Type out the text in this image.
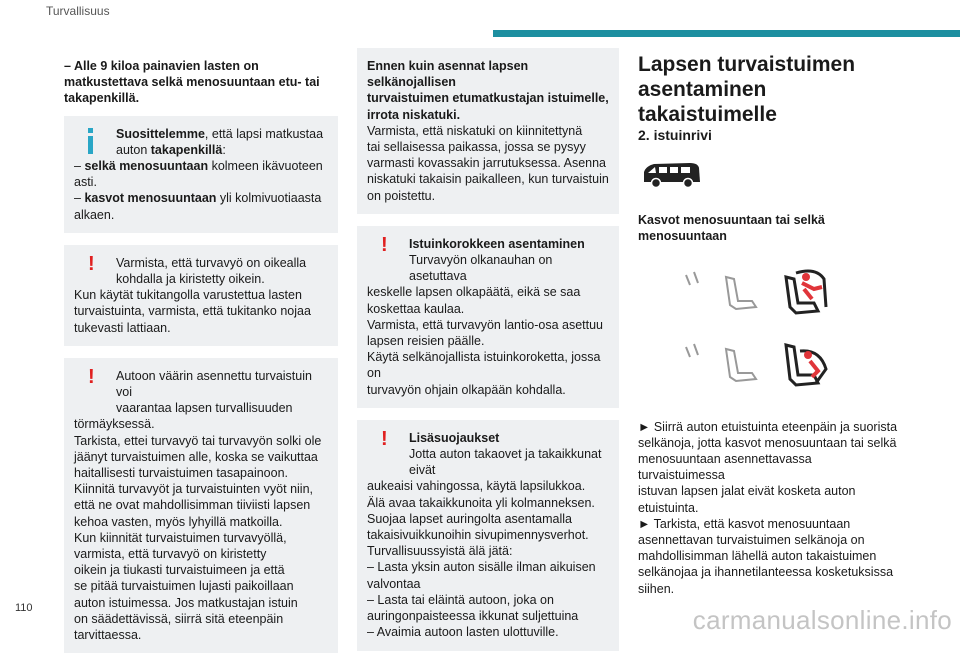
Turvallisuus

– Alle 9 kiloa painavien lasten on

matkustettava selkä menosuuntaan etu- tai

takapenkillä.

Suosittelemme, että lapsi matkustaa
auton takapenkillä:
– selkä menosuuntaan kolmeen ikävuoteen
asti.
– kasvot menosuuntaan yli kolmivuotiaasta
alkaen.
!	Varmista, että turvavyö on oikealla
kohdalla ja kiristetty oikein.
Kun käytät tukitangolla varustettua lasten
turvaistuinta, varmista, että tukitanko nojaa
tukevasti lattiaan.
!	Autoon väärin asennettu turvaistuin voi
vaarantaa lapsen turvallisuuden
törmäyksessä.
Tarkista, ettei turvavyö tai turvavyön solki ole
jäänyt turvaistuimen alle, koska se vaikuttaa
haitallisesti turvaistuimen tasapainoon.
Kiinnitä turvavyöt ja turvaistuinten vyöt niin,
että ne ovat mahdollisimman tiiviisti lapsen
kehoa vasten, myös lyhyillä matkoilla.
Kun kiinnität turvaistuimen turvavyöllä,
varmista, että turvavyö on kiristetty
oikein ja tiukasti turvaistuimeen ja että
se pitää turvaistuimen lujasti paikoillaan
auton istuimessa. Jos matkustajan istuin
on säädettävissä, siirrä sitä eteenpäin
tarvittaessa.
Ennen kuin asennat lapsen selkänojallisen
turvaistuimen etumatkustajan istuimelle,
irrota niskatuki.
Varmista, että niskatuki on kiinnitettynä
tai sellaisessa paikassa, jossa se pysyy
varmasti kovassakin jarrutuksessa. Asenna
niskatuki takaisin paikalleen, kun turvaistuin
on poistettu.
!	Istuinkorokkeen asentaminen
Turvavyön olkanauhan on asetuttava
keskelle lapsen olkapäätä, eikä se saa
koskettaa kaulaa.
Varmista, että turvavyön lantio-osa asettuu
lapsen reisien päälle.
Käytä selkänojallista istuinkoroketta, jossa on
turvavyön ohjain olkapään kohdalla.
!	Lisäsuojaukset
Jotta auton takaovet ja takaikkunat eivät
aukeaisi vahingossa, käytä lapsilukkoa.
Älä avaa takaikkunoita yli kolmanneksen.
Suojaa lapset auringolta asentamalla
takaisivuikkunoihin sivupimennysverhot.
Turvallisuussyistä älä jätä:
– Lasta yksin auton sisälle ilman aikuisen
valvontaa
– Lasta tai eläintä autoon, joka on
auringonpaisteessa ikkunat suljettuina
– Avaimia autoon lasten ulottuville.

Lapsen turvaistuimen

asentaminen takaistuimelle

2. istuinrivi

Kasvot menosuuntaan tai selkä

menosuuntaan

► Siirrä auton etuistuinta eteenpäin ja suorista

selkänoja, jotta kasvot menosuuntaan tai selkä

menosuuntaan asennettavassa turvaistuimessa

istuvan lapsen jalat eivät kosketa auton

etuistuinta.

► Tarkista, että kasvot menosuuntaan

asennettavan turvaistuimen selkänoja on

mahdollisimman lähellä auton takaistuimen

selkänojaa ja ihannetilanteessa kosketuksissa

siihen.

110	carmanualsonline.info
